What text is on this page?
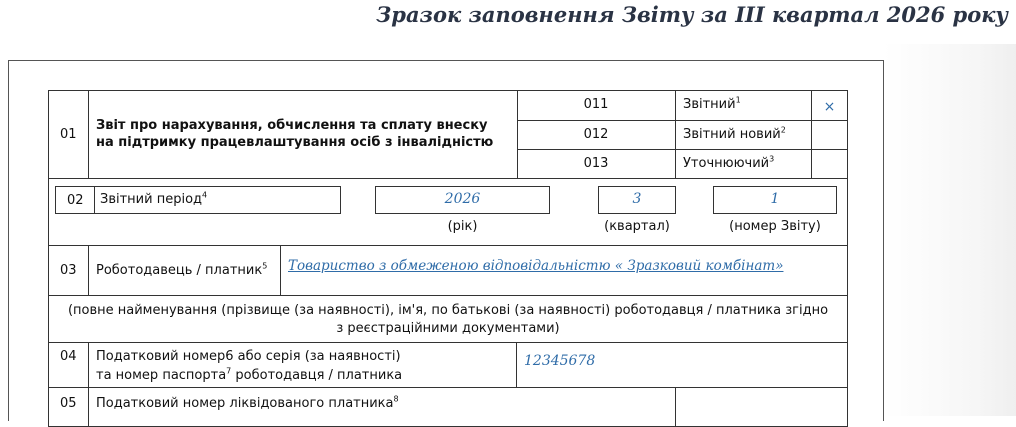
Зразок заповнення Звіту за III квартал 2026 року
01
Звіт про нарахування, обчислення та сплату внеску
на підтримку працевлаштування осіб з інвалідністю
011	Звітний$^1$	×
012	Звітний новий$^2$
013	Уточнюючий$^3$
02 Звітний період$^4$	2026
(рік)
3
(квартал)
1
(номер Звіту)
03 Роботодавець / платник$^5$ Товариство з обмеженою відповідальністю « Зразковий комбінат»
(повне найменування (прізвище (за наявності), ім'я, по батькові (за наявності) роботодавця / платника згідно
з реєстраційними документами)
04 Податковий номер6 або серія (за наявності)
та номер паспорта$^7$ роботодавця / платника
12345678
05 Податковий номер ліквідованого платника$^8$
